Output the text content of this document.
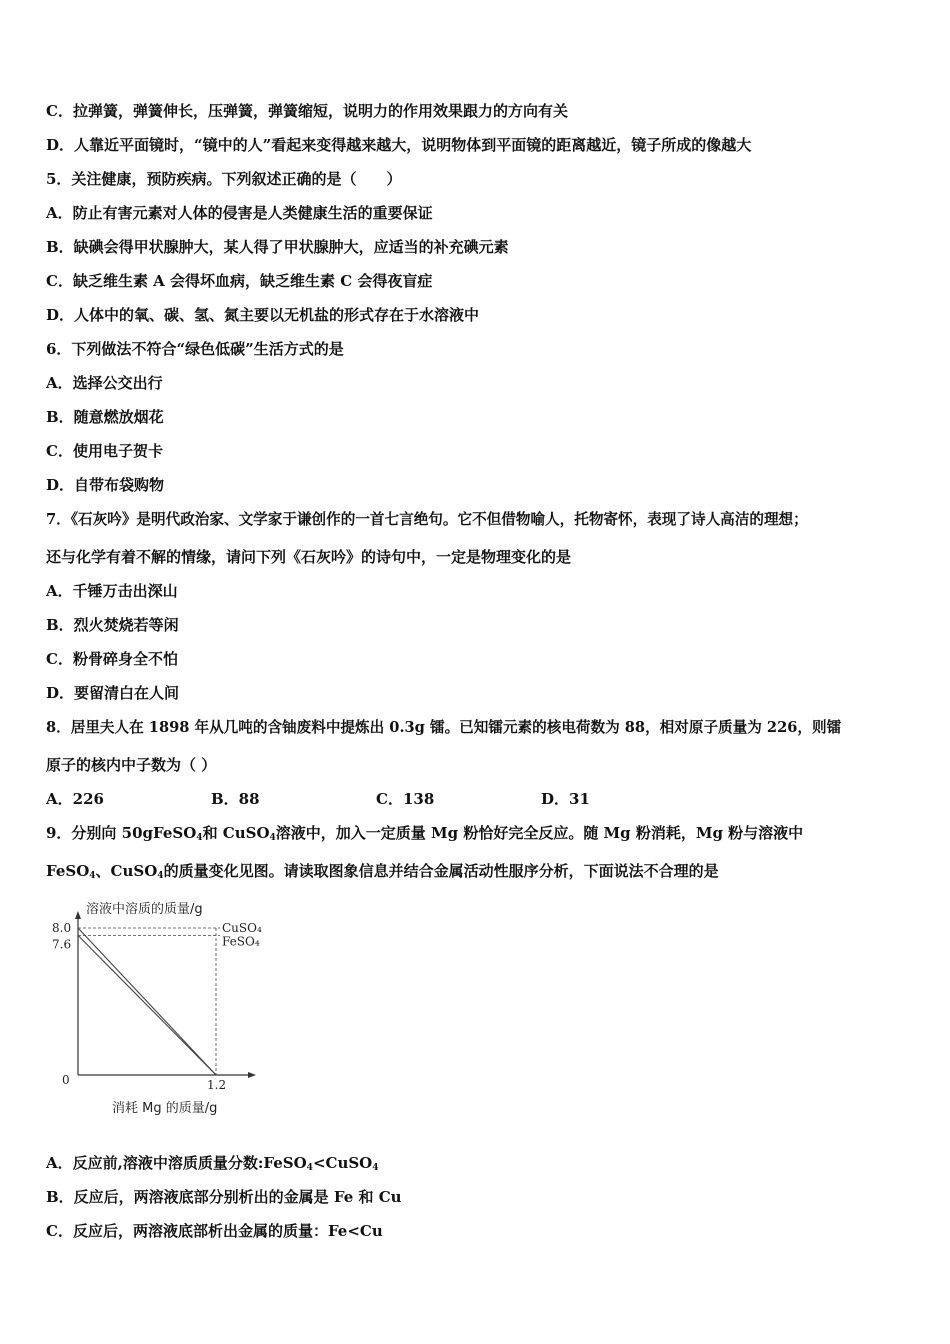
C．拉弹簧，弹簧伸长，压弹簧，弹簧缩短，说明力的作用效果跟力的方向有关
D．人靠近平面镜时，“镜中的人”看起来变得越来越大，说明物体到平面镜的距离越近，镜子所成的像越大
5．关注健康，预防疾病。下列叙述正确的是（　　）
A．防止有害元素对人体的侵害是人类健康生活的重要保证
B．缺碘会得甲状腺肿大，某人得了甲状腺肿大，应适当的补充碘元素
C．缺乏维生素 A 会得坏血病，缺乏维生素 C 会得夜盲症
D．人体中的氧、碳、氢、氮主要以无机盐的形式存在于水溶液中
6．下列做法不符合“绿色低碳”生活方式的是
A．选择公交出行
B．随意燃放烟花
C．使用电子贺卡
D．自带布袋购物
7．《石灰吟》是明代政治家、文学家于谦创作的一首七言绝句。它不但借物喻人，托物寄怀，表现了诗人高洁的理想；
还与化学有着不解的情缘，请问下列《石灰吟》的诗句中，一定是物理变化的是
A．千锤万击出深山
B．烈火焚烧若等闲
C．粉骨碎身全不怕
D．要留清白在人间
8．居里夫人在 1898 年从几吨的含铀废料中提炼出 0.3g 镭。已知镭元素的核电荷数为 88，相对原子质量为 226，则镭
原子的核内中子数为（ ）
A．226	B．88	C．138	D．31
9．分别向 50gFeSO$_4$和 CuSO$_4$溶液中，加入一定质量 Mg 粉恰好完全反应。随 Mg 粉消耗，Mg 粉与溶液中
FeSO$_4$、CuSO$_4$的质量变化见图。请读取图象信息并结合金属活动性服序分析，下面说法不合理的是
溶液中溶质的质量/g
8.0
7.6
0	1.2
CuSO₄
FeSO₄
消耗 Mg 的质量/g
A．反应前,溶液中溶质质量分数:FeSO$_4$<CuSO$_4$
B．反应后，两溶液底部分别析出的金属是 Fe 和 Cu
C．反应后，两溶液底部析出金属的质量：Fe<Cu
